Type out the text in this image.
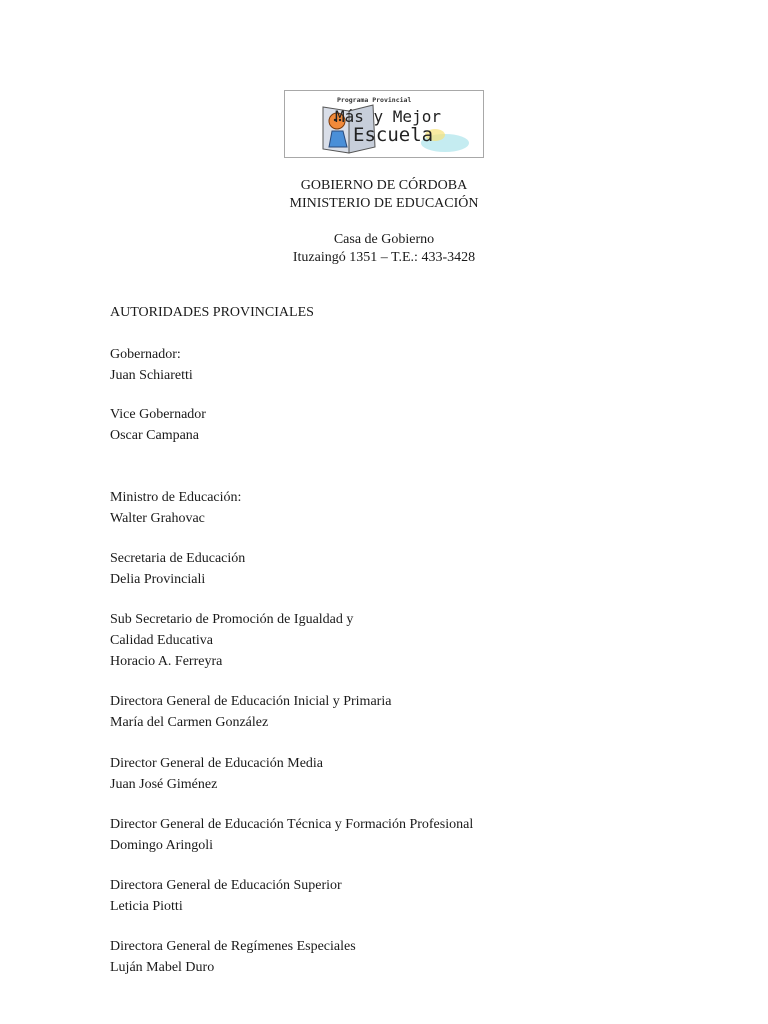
Programa Provincial
Más y Mejor
Escuela
GOBIERNO DE CÓRDOBA
MINISTERIO DE EDUCACIÓN
Casa de Gobierno
Ituzaingó 1351 – T.E.: 433-3428
AUTORIDADES PROVINCIALES
Gobernador:
Juan Schiaretti
Vice Gobernador
Oscar Campana
Ministro de Educación:
Walter Grahovac
Secretaria de Educación
Delia Provinciali
Sub Secretario de Promoción de Igualdad y
Calidad Educativa
Horacio A. Ferreyra
Directora General de Educación Inicial y Primaria
María del Carmen González
Director General de Educación Media
Juan José Giménez
Director General de Educación Técnica y Formación Profesional
Domingo Aringoli
Directora General de Educación Superior
Leticia Piotti
Directora General de Regímenes Especiales
Luján Mabel Duro
